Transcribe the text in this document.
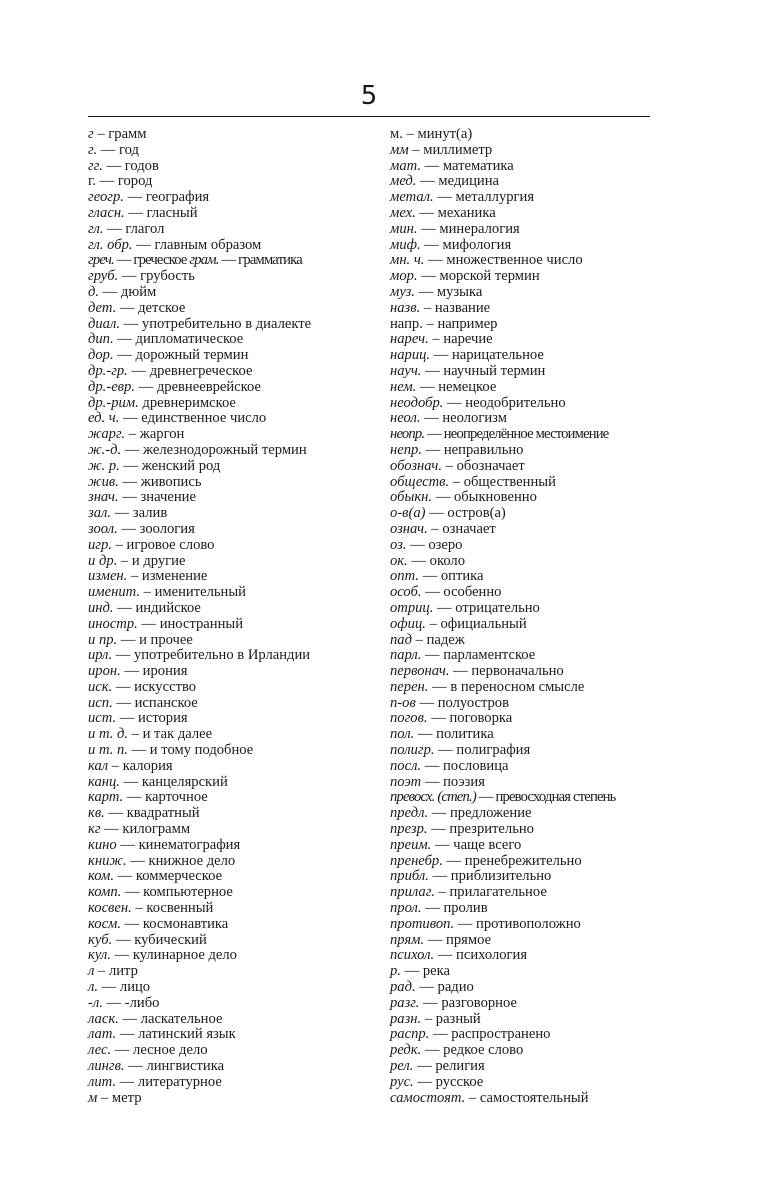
5
г – грамм
г. — год
гг. — годов
г. — город
геогр. — география
гласн. — гласный
гл. — глагол
гл. обр. — главным образом
греч. — греческое грам. — грамматика
груб. — грубость
д. — дюйм
дет. — детское
диал. — употребительно в диалекте
дип. — дипломатическое
дор. — дорожный термин
др.-гр. — древнегреческое
др.-евр. — древнееврейское
др.-рим. древнеримское
ед. ч. — единственное число
жарг. – жаргон
ж.-д. — железнодорожный термин
ж. р. — женский род
жив. — живопись
знач. — значение
зал. — залив
зоол. — зоология
игр. – игровое слово
и др. – и другие
измен. – изменение
именит. – именительный
инд. — индийское
иностр. — иностранный
и пр. — и прочее
ирл. — употребительно в Ирландии
ирон. — ирония
иск. — искусство
исп. — испанское
ист. — история
и т. д. – и так далее
и т. п. — и тому подобное
кал – калория
канц. — канцелярский
карт. — карточное
кв. — квадратный
кг — килограмм
кино — кинематография
книж. — книжное дело
ком. — коммерческое
комп. — компьютерное
косвен. – косвенный
косм. — космонавтика
куб. — кубический
кул. — кулинарное дело
л – литр
л. — лицо
-л. — -либо
ласк. — ласкательное
лат. — латинский язык
лес. — лесное дело
лингв. — лингвистика
лит. — литературное
м – метр
м. – минут(а)
мм – миллиметр
мат. — математика
мед. — медицина
метал. — металлургия
мех. — механика
мин. — минералогия
миф. — мифология
мн. ч. — множественное число
мор. — морской термин
муз. — музыка
назв. – название
напр. – например
нареч. – наречие
нариц. — нарицательное
науч. — научный термин
нем. — немецкое
неодобр. — неодобрительно
неол. — неологизм
неопр. — неопределённое местоимение
непр. — неправильно
обознач. – обозначает
обществ. – общественный
обыкн. — обыкновенно
о-в(а) — остров(а)
означ. – означает
оз. — озеро
ок. — около
опт. — оптика
особ. — особенно
отриц. — отрицательно
офиц. – официальный
пад – падеж
парл. — парламентское
первонач. — первоначально
перен. — в переносном смысле
п-ов — полуостров
погов. — поговорка
пол. — политика
полигр. — полиграфия
посл. — пословица
поэт — поэзия
превосх. (степ.) — превосходная степень
предл. — предложение
презр. — презрительно
преим. — чаще всего
пренебр. — пренебрежительно
прибл. — приблизительно
прилаг. – прилагательное
прол. — пролив
противоп. — противоположно
прям. — прямое
психол. — психология
р. — река
рад. — радио
разг. — разговорное
разн. – разный
распр. — распространено
редк. — редкое слово
рел. — религия
рус. — русское
самостоят. – самостоятельный
